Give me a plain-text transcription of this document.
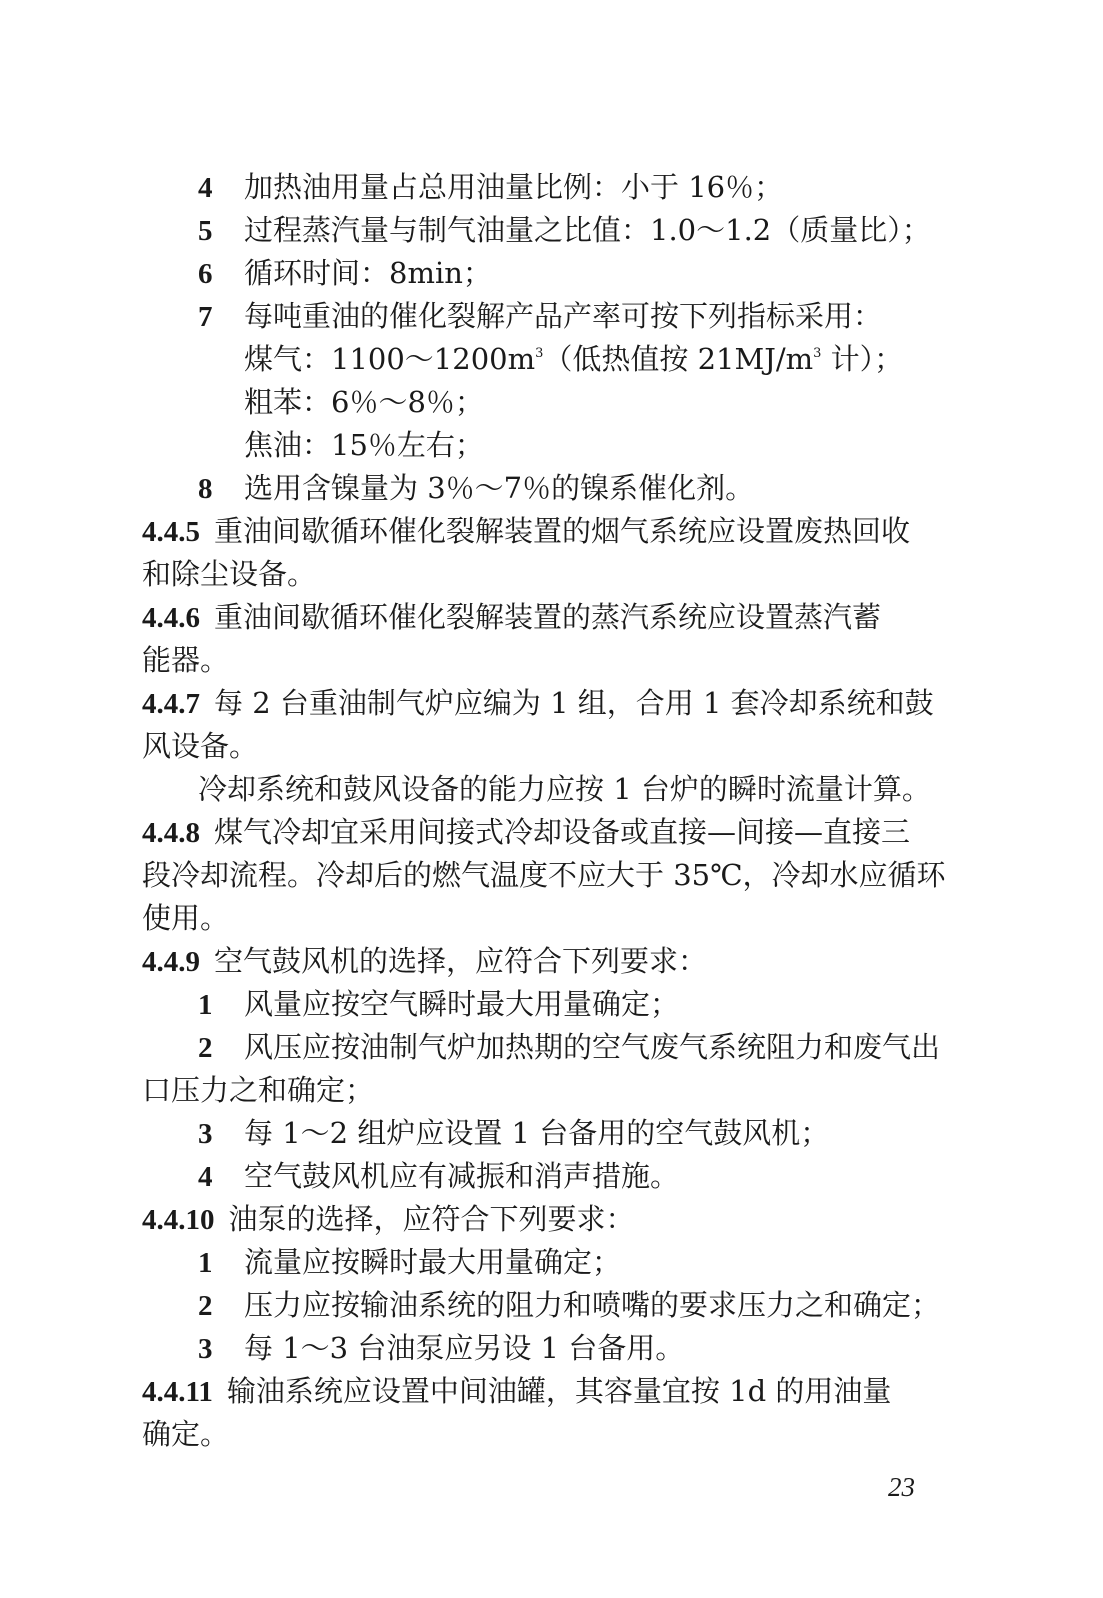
4 加热油用量占总用油量比例：小于 16％；
5 过程蒸汽量与制气油量之比值：1.0～1.2（质量比）；
6 循环时间：8min；
7 每吨重油的催化裂解产品产率可按下列指标采用：
煤气：$1100\sim 1200m^3$（低热值按 $21MJ/m^3$ 计）；
粗苯：6％～8％；
焦油：15％左右；
8 选用含镍量为 3％～7％的镍系催化剂。
4.4.5 重油间歇循环催化裂解装置的烟气系统应设置废热回收
和除尘设备。
4.4.6 重油间歇循环催化裂解装置的蒸汽系统应设置蒸汽蓄
能器。
4.4.7 每 2 台重油制气炉应编为 1 组，合用 1 套冷却系统和鼓
风设备。
冷却系统和鼓风设备的能力应按 1 台炉的瞬时流量计算。
4.4.8 煤气冷却宜采用间接式冷却设备或直接—间接—直接三
段冷却流程。冷却后的燃气温度不应大于 35℃，冷却水应循环
使用。
4.4.9 空气鼓风机的选择，应符合下列要求：
1 风量应按空气瞬时最大用量确定；
2 风压应按油制气炉加热期的空气废气系统阻力和废气出
口压力之和确定；
3 每 1～2 组炉应设置 1 台备用的空气鼓风机；
4 空气鼓风机应有减振和消声措施。
4.4.10 油泵的选择，应符合下列要求：
1 流量应按瞬时最大用量确定；
2 压力应按输油系统的阻力和喷嘴的要求压力之和确定；
3 每 1～3 台油泵应另设 1 台备用。
4.4.11 输油系统应设置中间油罐，其容量宜按 1d 的用油量
确定。
23
